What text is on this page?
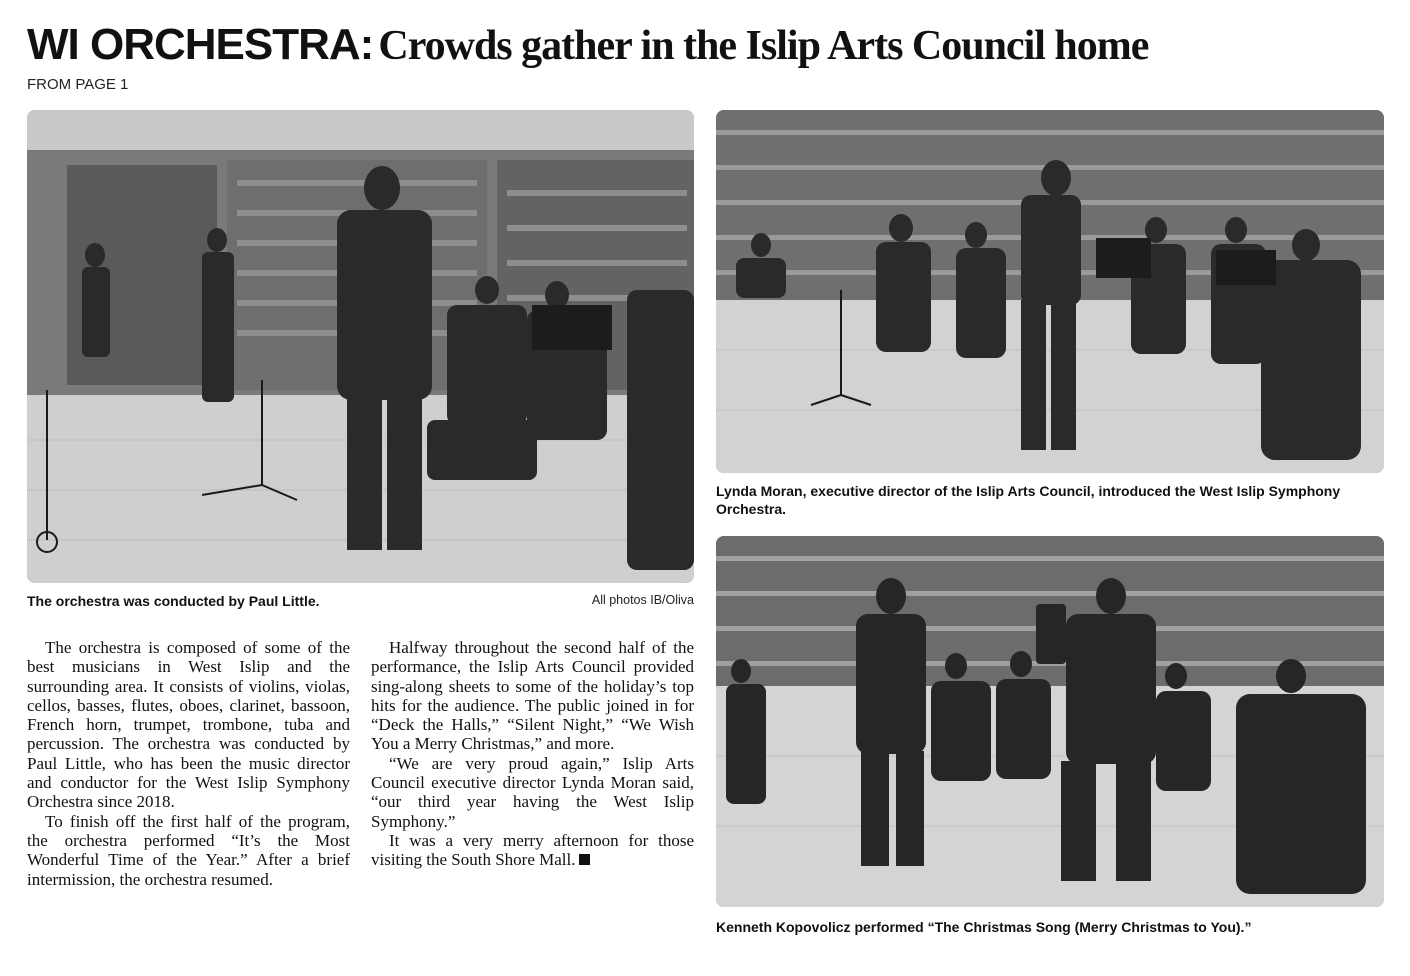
WI ORCHESTRA: Crowds gather in the Islip Arts Council home
FROM PAGE 1
The orchestra was conducted by Paul Little.	All photos IB/Oliva
Lynda Moran, executive director of the Islip Arts Council, introduced the West Islip Symphony Orchestra.
Kenneth Kopovolicz performed “The Christmas Song (Merry Christmas to You).”

The orchestra is composed of some of the best musicians in West Islip and the surrounding area. It consists of violins, violas, cellos, basses, flutes, oboes, clarinet, bassoon, French horn, trumpet, trombone, tuba and percussion. The orchestra was conducted by Paul Little, who has been the music director and conductor for the West Islip Symphony Orchestra since 2018.

To finish off the first half of the program, the orchestra performed “It’s the Most Wonderful Time of the Year.” After a brief intermission, the orchestra resumed.

Halfway throughout the second half of the performance, the Islip Arts Council provided sing-along sheets to some of the holiday’s top hits for the audience. The public joined in for “Deck the Halls,” “Silent Night,” “We Wish You a Merry Christmas,” and more.

“We are very proud again,” Islip Arts Council executive director Lynda Moran said, “our third year having the West Islip Symphony.”

It was a very merry afternoon for those visiting the South Shore Mall.
